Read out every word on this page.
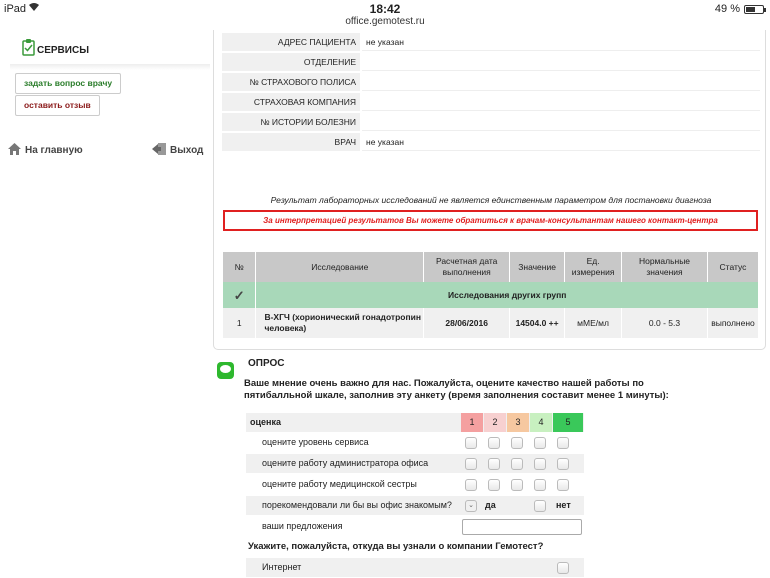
iPad	18:42
office.gemotest.ru
49 %
СЕРВИСЫ
задать вопрос врачу
оставить отзыв
На главную	Выход
АДРЕС ПАЦИЕНТА	не указан
ОТДЕЛЕНИЕ
№ СТРАХОВОГО ПОЛИСА
СТРАХОВАЯ КОМПАНИЯ
№ ИСТОРИИ БОЛЕЗНИ
ВРАЧ	не указан
Результат лабораторных исследований не является единственным параметром для постановки диагноза
За интерпретацией результатов Вы можете обратиться к врачам-консультантам нашего контакт-центра
№	Исследование	Расчетная дата выполнения	Значение	Ед. измерения	Нормальные значения	Статус
✓	Исследования других групп					
1	В-ХГЧ (хорионический гонадотропин человека)	28/06/2016	14504.0 ++	мМЕ/мл	0.0 - 5.3	выполнено
ОПРОС
Ваше мнение очень важно для нас. Пожалуйста, оцените качество нашей работы по пятибалльной шкале, заполнив эту анкету (время заполнения составит менее 1 минуты):
оценка	1	2	3	4	5
оцените уровень сервиса
оцените работу администратора офиса
оцените работу медицинской сестры
порекомендовали ли бы вы офис знакомым?	⌄	да	нет
ваши предложения
Укажите, пожалуйста, откуда вы узнали о компании Гемотест?
Интернет
